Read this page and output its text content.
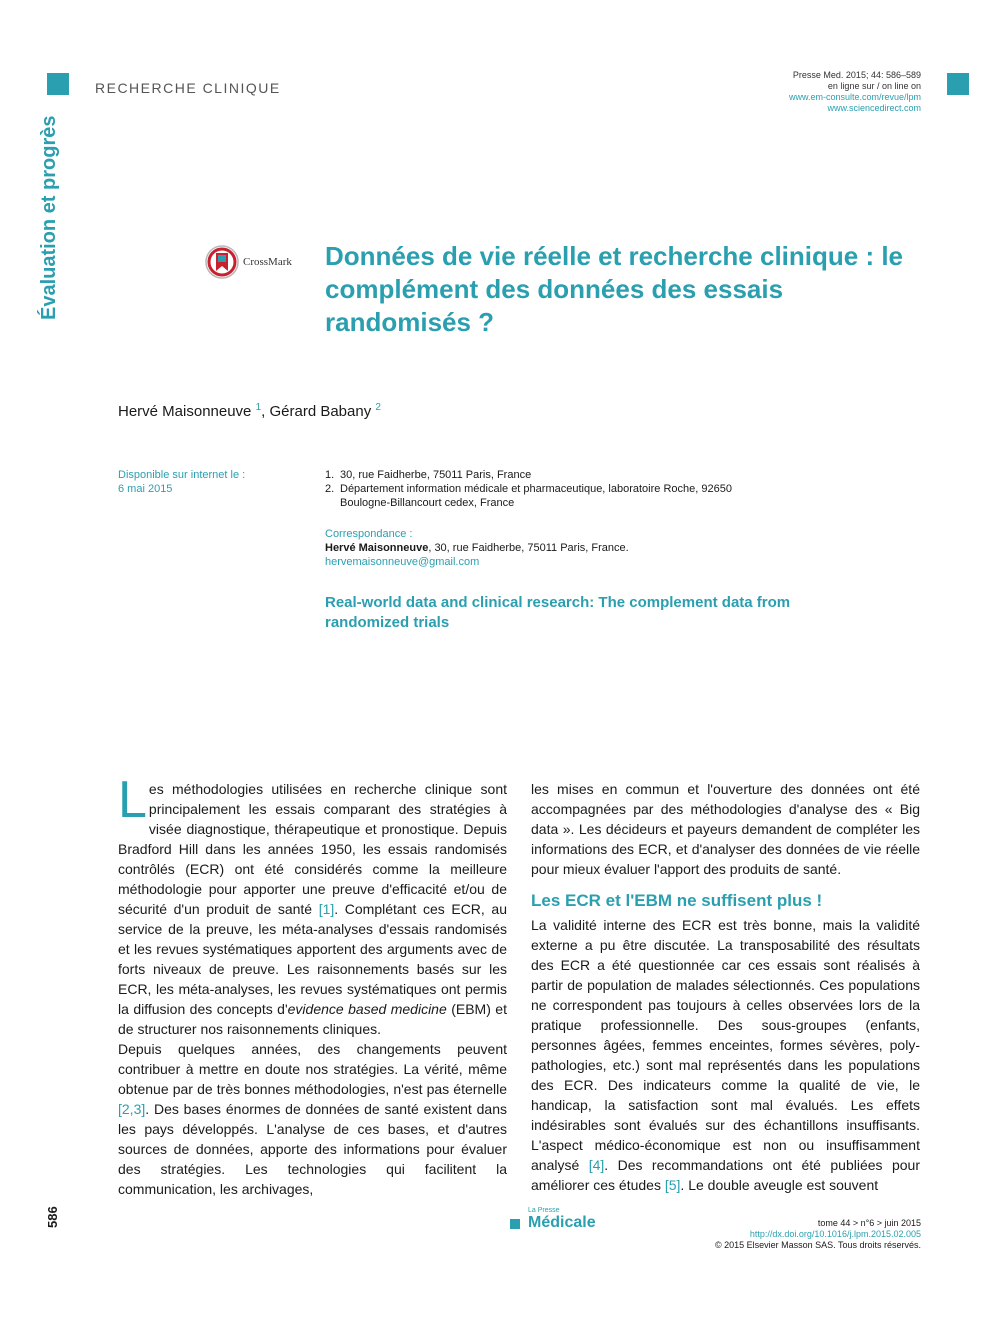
RECHERCHE CLINIQUE
Presse Med. 2015; 44: 586–589
en ligne sur / on line on
www.em-consulte.com/revue/lpm
www.sciencedirect.com
Évaluation et progrès	CrossMark Données de vie réelle et recherche clinique : le complément des données des essais randomisés ?
Hervé Maisonneuve $^1$, Gérard Babany $^2$
Disponible sur internet le :
6 mai 2015
1. 30, rue Faidherbe, 75011 Paris, France
2. Département information médicale et pharmaceutique, laboratoire Roche, 92650 Boulogne-Billancourt cedex, France
Correspondance :
Hervé Maisonneuve, 30, rue Faidherbe, 75011 Paris, France.
hervemaisonneuve@gmail.com
Real-world data and clinical research: The complement data from randomized trials

Les méthodologies utilisées en recherche clinique sont principalement les essais comparant des stratégies à visée diagnostique, thérapeutique et pronostique. Depuis Bradford Hill dans les années 1950, les essais randomisés contrôlés (ECR) ont été considérés comme la meilleure méthodologie pour apporter une preuve d'efficacité et/ou de sécurité d'un produit de santé [1]. Complétant ces ECR, au service de la preuve, les méta-analyses d'essais randomisés et les revues systématiques apportent des arguments avec de forts niveaux de preuve. Les raisonnements basés sur les ECR, les méta-analyses, les revues systématiques ont permis la diffusion des concepts d'evidence based medicine (EBM) et de structurer nos raisonnements cliniques.

Depuis quelques années, des changements peuvent contribuer à mettre en doute nos stratégies. La vérité, même obtenue par de très bonnes méthodologies, n'est pas éternelle [2,3]. Des bases énormes de données de santé existent dans les pays développés. L'analyse de ces bases, et d'autres sources de données, apporte des informations pour évaluer des stratégies. Les technologies qui facilitent la communication, les archivages,

les mises en commun et l'ouverture des données ont été accompagnées par des méthodologies d'analyse des « Big data ». Les décideurs et payeurs demandent de compléter les informations des ECR, et d'analyser des données de vie réelle pour mieux évaluer l'apport des produits de santé.

Les ECR et l'EBM ne suffisent plus !

La validité interne des ECR est très bonne, mais la validité externe a pu être discutée. La transposabilité des résultats des ECR a été questionnée car ces essais sont réalisés à partir de population de malades sélectionnés. Ces populations ne correspondent pas toujours à celles observées lors de la pratique professionnelle. Des sous-groupes (enfants, personnes âgées, femmes enceintes, formes sévères, poly-pathologies, etc.) sont mal représentés dans les populations des ECR. Des indicateurs comme la qualité de vie, le handicap, la satisfaction sont mal évalués. Les effets indésirables sont évalués sur des échantillons insuffisants. L'aspect médico-économique est non ou insuffisamment analysé [4]. Des recommandations ont été publiées pour améliorer ces études [5]. Le double aveugle est souvent

586	La Presse
Médicale	tome 44 > n°6 > juin 2015
http://dx.doi.org/10.1016/j.lpm.2015.02.005
© 2015 Elsevier Masson SAS. Tous droits réservés.
